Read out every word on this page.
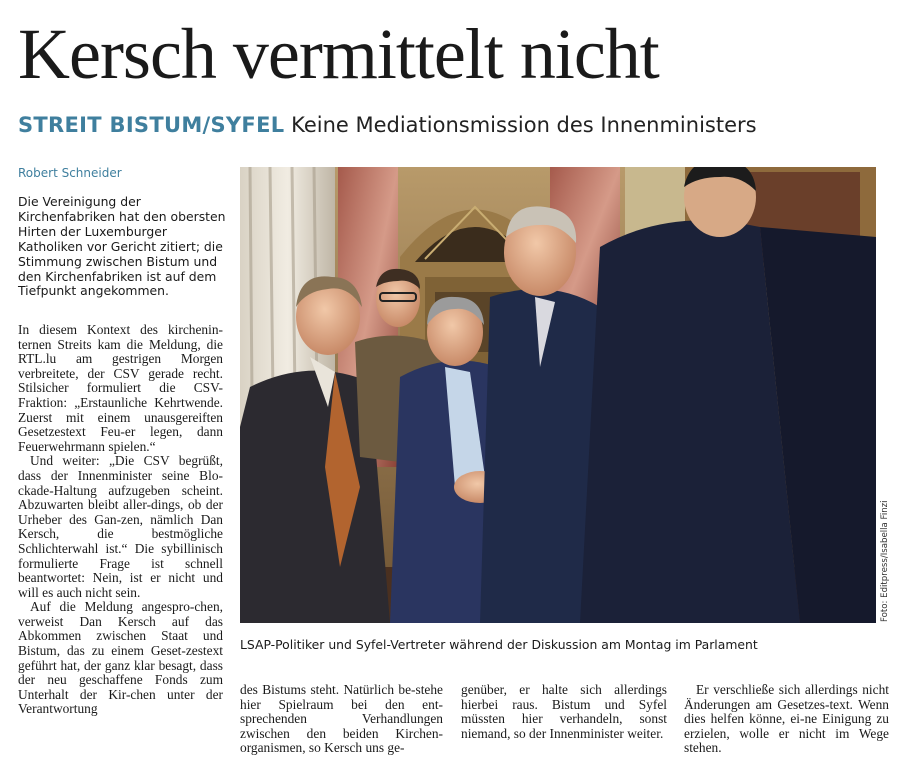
Kersch vermittelt nicht
STREIT BISTUM/SYFEL Keine Mediationsmission des Innenministers
Robert Schneider
Die Vereinigung der Kirchenfabriken hat den obersten Hirten der Luxemburger Katholiken vor Gericht zitiert; die Stimmung zwischen Bistum und den Kirchenfabriken ist auf dem Tiefpunkt angekommen.

In diesem Kontext des kirchenin-ternen Streits kam die Meldung, die RTL.lu am gestrigen Morgen verbreitete, der CSV gerade recht. Stilsicher formuliert die CSV-Fraktion: „Erstaunliche Kehrtwende. Zuerst mit einem unausgereiften Gesetzestext Feu-er legen, dann Feuerwehrmann spielen.“

Und weiter: „Die CSV begrüßt, dass der Innenminister seine Blo-ckade-Haltung aufzugeben scheint. Abzuwarten bleibt aller-dings, ob der Urheber des Gan-zen, nämlich Dan Kersch, die bestmögliche Schlichterwahl ist.“ Die sybillinisch formulierte Frage ist schnell beantwortet: Nein, ist er nicht und will es auch nicht sein.

Auf die Meldung angespro-chen, verweist Dan Kersch auf das Abkommen zwischen Staat und Bistum, das zu einem Geset-zestext geführt hat, der ganz klar besagt, dass der neu geschaffene Fonds zum Unterhalt der Kir-chen unter der Verantwortung

Foto: Editpress/Isabella Finzi
LSAP-Politiker und Syfel-Vertreter während der Diskussion am Montag im Parlament

des Bistums steht. Natürlich be-stehe hier Spielraum bei den ent-sprechenden Verhandlungen zwischen den beiden Kirchen-organismen, so Kersch uns ge-

genüber, er halte sich allerdings hierbei raus. Bistum und Syfel müssten hier verhandeln, sonst niemand, so der Innenminister weiter.

Er verschließe sich allerdings nicht Änderungen am Gesetzes-text. Wenn dies helfen könne, ei-ne Einigung zu erzielen, wolle er nicht im Wege stehen.
